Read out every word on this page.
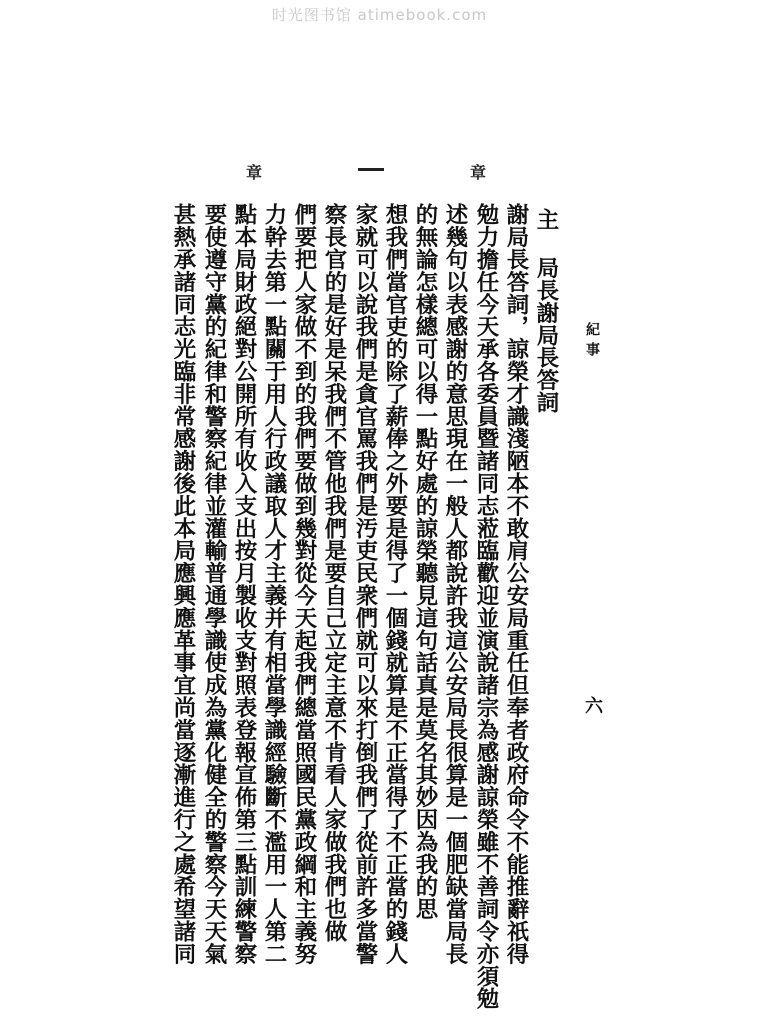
时光图书馆 atimebook.com
章	章
紀事
六
主 局長謝局長答詞
謝局長答詞，諒榮才識淺陋本不敢肩公安局重任但奉者政府命令不能推辭祇得
勉力擔任今天承各委員暨諸同志蒞臨歡迎並演說諸宗為感謝諒榮雖不善詞令亦須勉
述幾句以表感謝的意思現在一般人都說許我這公安局長很算是一個肥缺當局長
的無論怎樣總可以得一點好處的諒榮聽見這句話真是莫名其妙因為我的思
想我們當官吏的除了薪俸之外要是得了一個錢就算是不正當得了不正當的錢人
家就可以說我們是貪官罵我們是汚吏民衆們就可以來打倒我們了從前許多當警
察長官的是好是呆我們不管他我們是要自己立定主意不肯看人家做我們也做
們要把人家做不到的我們要做到幾對從今天起我們總當照國民黨政綱和主義努
力幹去第一點關于用人行政議取人才主義并有相當學識經驗斷不濫用一人第二
點本局財政絕對公開所有收入支出按月製收支對照表登報宣佈第三點訓練警察
要使遵守黨的紀律和警察紀律並灌輸普通學識使成為黨化健全的警察今天天氣
甚熱承諸同志光臨非常感謝後此本局應興應革事宜尚當逐漸進行之處希望諸同
